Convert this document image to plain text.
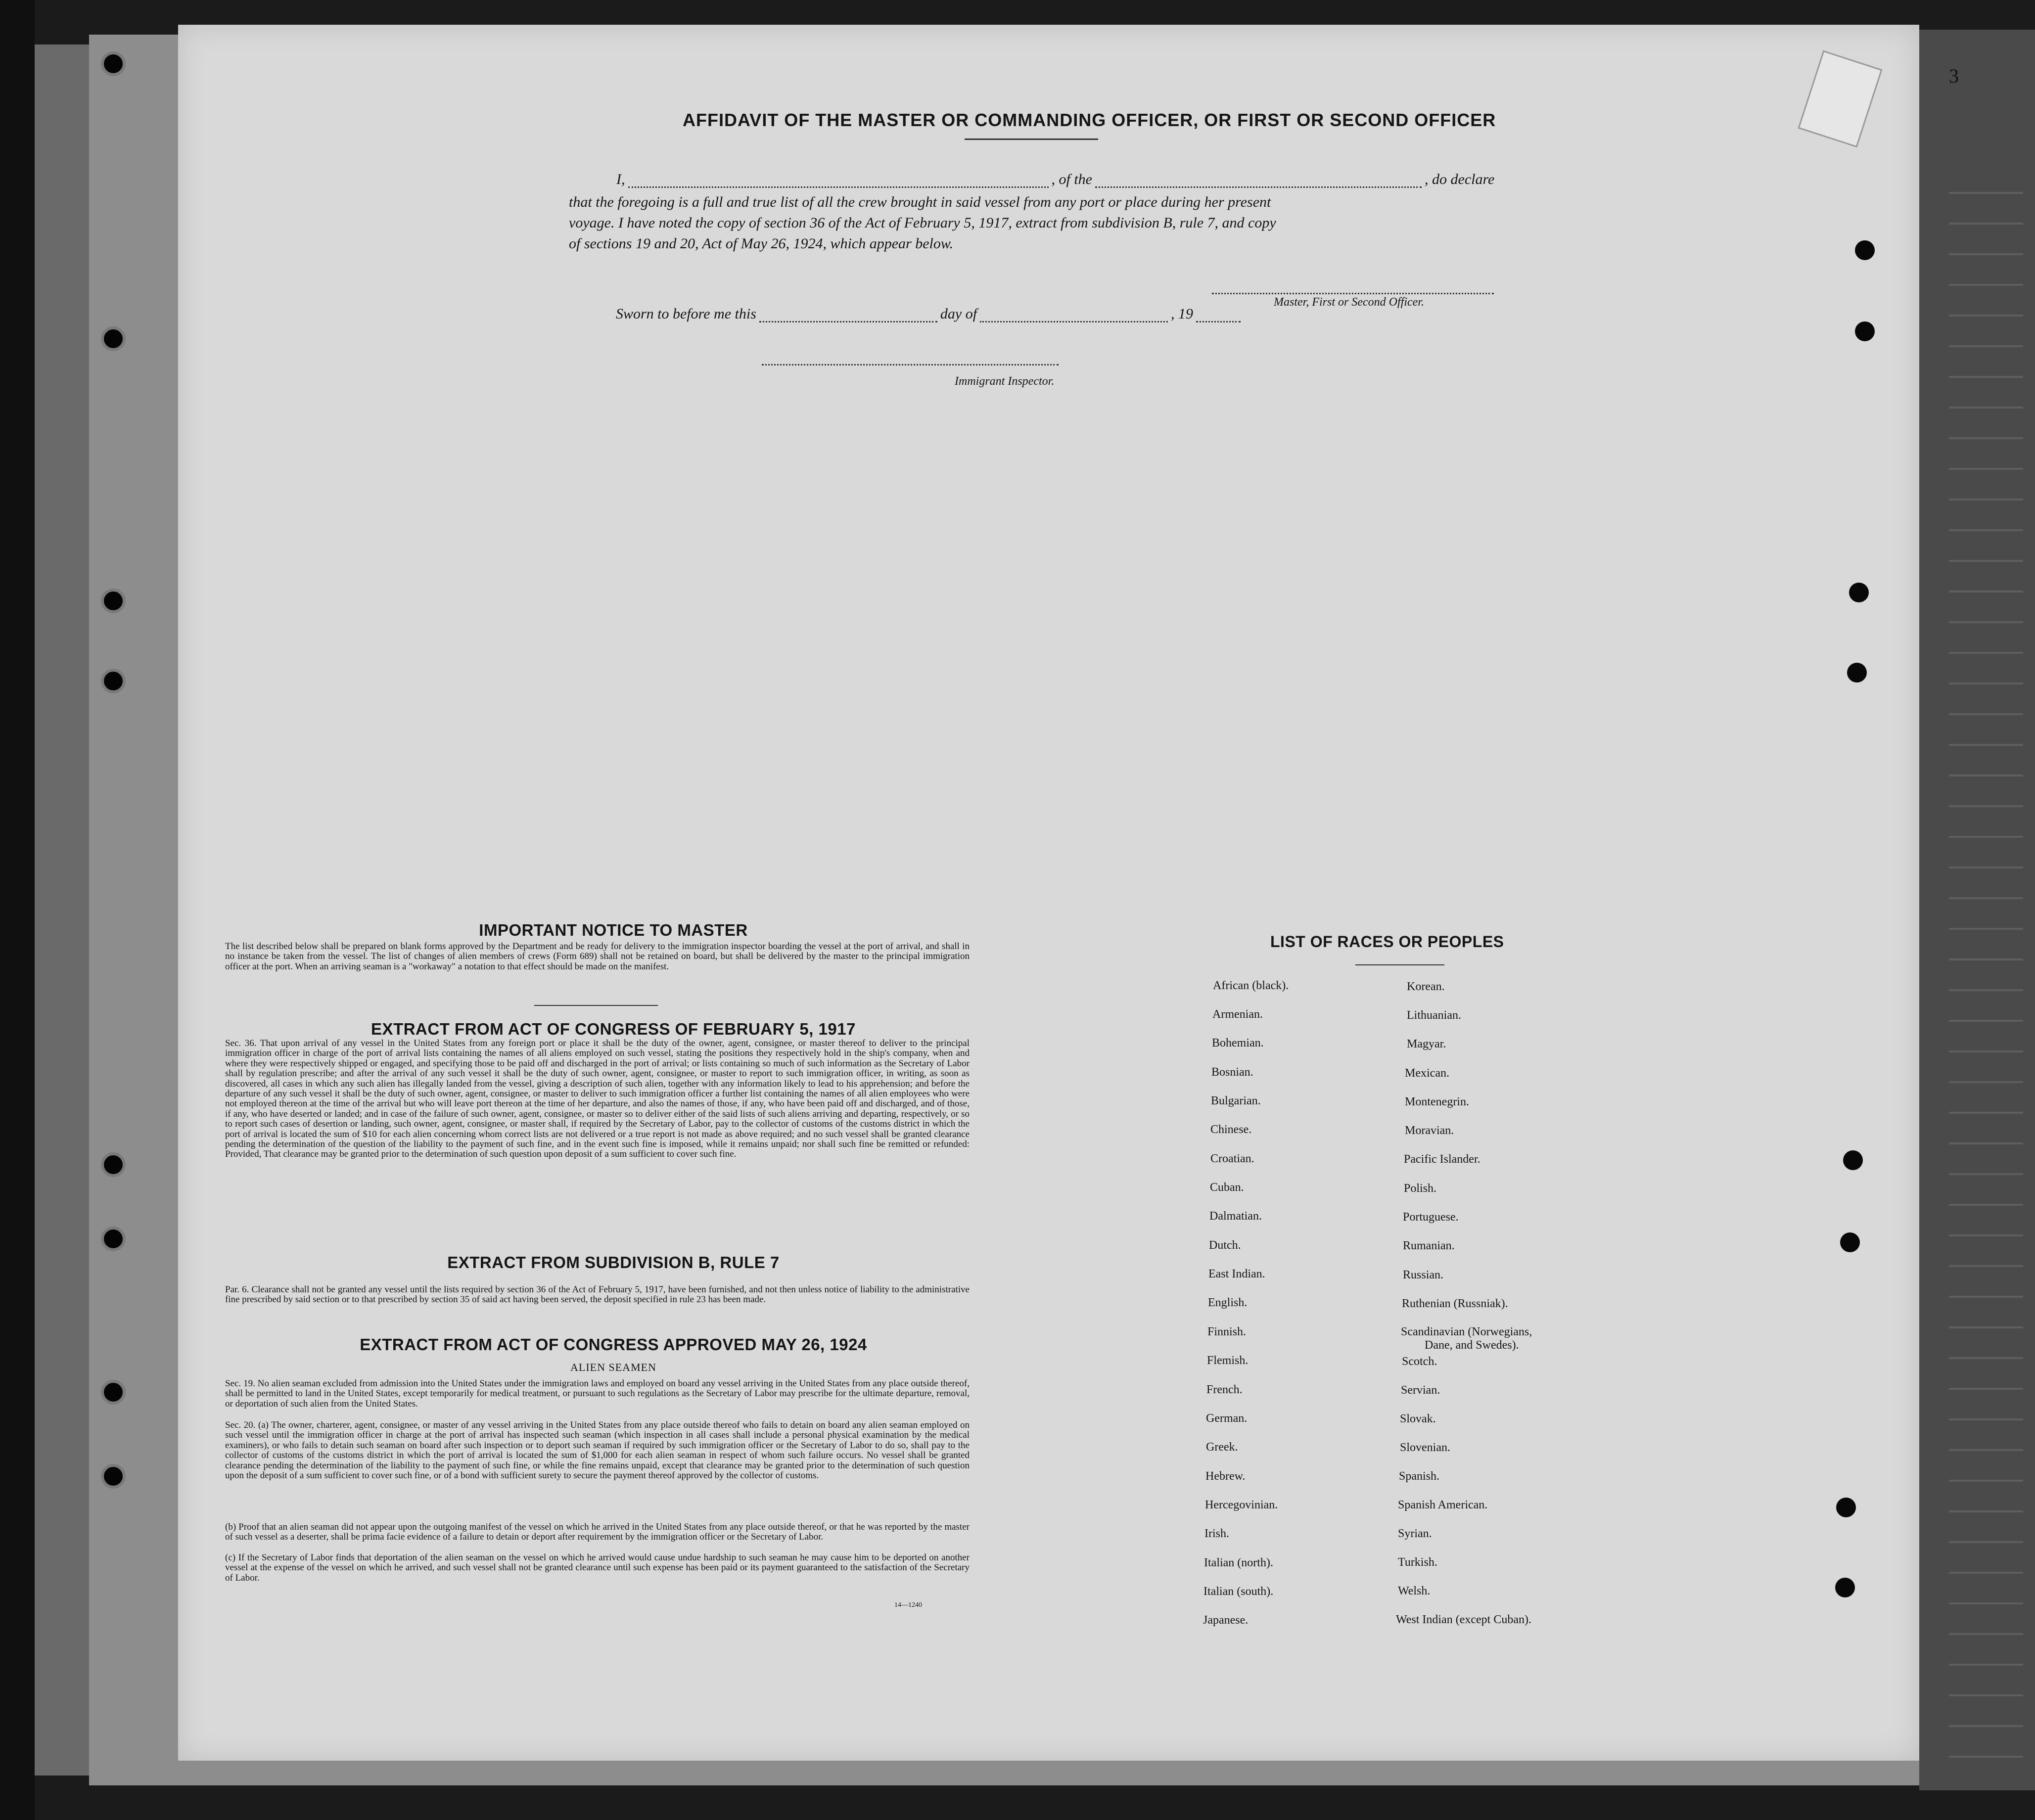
3
AFFIDAVIT OF THE MASTER OR COMMANDING OFFICER, OR FIRST OR SECOND OFFICER
I,	, of the	, do declare
that the foregoing is a full and true list of all the crew brought in said vessel from any port or place during her present
voyage. I have noted the copy of section 36 of the Act of February 5, 1917, extract from subdivision B, rule 7, and copy
of sections 19 and 20, Act of May 26, 1924, which appear below.
Master, First or Second Officer.
Sworn to before me this	day of	, 19
Immigrant Inspector.
IMPORTANT NOTICE TO MASTER
The list described below shall be prepared on blank forms approved by the Department and be ready for delivery to the immigration inspector boarding the vessel at the port of arrival, and shall in no instance be taken from the vessel. The list of changes of alien members of crews (Form 689) shall not be retained on board, but shall be delivered by the master to the principal immigration officer at the port. When an arriving seaman is a "workaway" a notation to that effect should be made on the manifest.
EXTRACT FROM ACT OF CONGRESS OF FEBRUARY 5, 1917
Sec. 36. That upon arrival of any vessel in the United States from any foreign port or place it shall be the duty of the owner, agent, consignee, or master thereof to deliver to the principal immigration officer in charge of the port of arrival lists containing the names of all aliens employed on such vessel, stating the positions they respectively hold in the ship's company, when and where they were respectively shipped or engaged, and specifying those to be paid off and discharged in the port of arrival; or lists containing so much of such information as the Secretary of Labor shall by regulation prescribe; and after the arrival of any such vessel it shall be the duty of such owner, agent, consignee, or master to report to such immigration officer, in writing, as soon as discovered, all cases in which any such alien has illegally landed from the vessel, giving a description of such alien, together with any information likely to lead to his apprehension; and before the departure of any such vessel it shall be the duty of such owner, agent, consignee, or master to deliver to such immigration officer a further list containing the names of all alien employees who were not employed thereon at the time of the arrival but who will leave port thereon at the time of her departure, and also the names of those, if any, who have been paid off and discharged, and of those, if any, who have deserted or landed; and in case of the failure of such owner, agent, consignee, or master so to deliver either of the said lists of such aliens arriving and departing, respectively, or so to report such cases of desertion or landing, such owner, agent, consignee, or master shall, if required by the Secretary of Labor, pay to the collector of customs of the customs district in which the port of arrival is located the sum of $10 for each alien concerning whom correct lists are not delivered or a true report is not made as above required; and no such vessel shall be granted clearance pending the determination of the question of the liability to the payment of such fine, and in the event such fine is imposed, while it remains unpaid; nor shall such fine be remitted or refunded: Provided, That clearance may be granted prior to the determination of such question upon deposit of a sum sufficient to cover such fine.
EXTRACT FROM SUBDIVISION B, RULE 7
Par. 6. Clearance shall not be granted any vessel until the lists required by section 36 of the Act of February 5, 1917, have been furnished, and not then unless notice of liability to the administrative fine prescribed by said section or to that prescribed by section 35 of said act having been served, the deposit specified in rule 23 has been made.
EXTRACT FROM ACT OF CONGRESS APPROVED MAY 26, 1924
ALIEN SEAMEN
Sec. 19. No alien seaman excluded from admission into the United States under the immigration laws and employed on board any vessel arriving in the United States from any place outside thereof, shall be permitted to land in the United States, except temporarily for medical treatment, or pursuant to such regulations as the Secretary of Labor may prescribe for the ultimate departure, removal, or deportation of such alien from the United States.
Sec. 20. (a) The owner, charterer, agent, consignee, or master of any vessel arriving in the United States from any place outside thereof who fails to detain on board any alien seaman employed on such vessel until the immigration officer in charge at the port of arrival has inspected such seaman (which inspection in all cases shall include a personal physical examination by the medical examiners), or who fails to detain such seaman on board after such inspection or to deport such seaman if required by such immigration officer or the Secretary of Labor to do so, shall pay to the collector of customs of the customs district in which the port of arrival is located the sum of $1,000 for each alien seaman in respect of whom such failure occurs. No vessel shall be granted clearance pending the determination of the liability to the payment of such fine, or while the fine remains unpaid, except that clearance may be granted prior to the determination of such question upon the deposit of a sum sufficient to cover such fine, or of a bond with sufficient surety to secure the payment thereof approved by the collector of customs.
(b) Proof that an alien seaman did not appear upon the outgoing manifest of the vessel on which he arrived in the United States from any place outside thereof, or that he was reported by the master of such vessel as a deserter, shall be prima facie evidence of a failure to detain or deport after requirement by the immigration officer or the Secretary of Labor.
(c) If the Secretary of Labor finds that deportation of the alien seaman on the vessel on which he arrived would cause undue hardship to such seaman he may cause him to be deported on another vessel at the expense of the vessel on which he arrived, and such vessel shall not be granted clearance until such expense has been paid or its payment guaranteed to the satisfaction of the Secretary of Labor.
14—1240
LIST OF RACES OR PEOPLES
African (black).
Armenian.
Bohemian.
Bosnian.
Bulgarian.
Chinese.
Croatian.
Cuban.
Dalmatian.
Dutch.
East Indian.
English.
Finnish.
Flemish.
French.
German.
Greek.
Hebrew.
Hercegovinian.
Irish.
Italian (north).
Italian (south).
Japanese.
Korean.
Lithuanian.
Magyar.
Mexican.
Montenegrin.
Moravian.
Pacific Islander.
Polish.
Portuguese.
Rumanian.
Russian.
Ruthenian (Russniak).
Scandinavian (Norwegians,
Dane, and Swedes).
Scotch.
Servian.
Slovak.
Slovenian.
Spanish.
Spanish American.
Syrian.
Turkish.
Welsh.
West Indian (except Cuban).
